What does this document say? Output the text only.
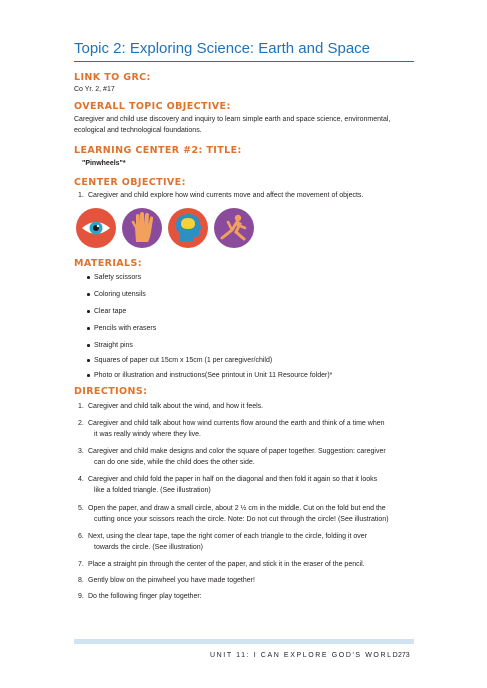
Topic 2: Exploring Science: Earth and Space
LINK TO GRC:
Co Yr. 2, #17
OVERALL TOPIC OBJECTIVE:
Caregiver and child use discovery and inquiry to learn simple earth and space science, environmental, ecological and technological foundations.
LEARNING CENTER #2: TITLE:
"Pinwheels"*
CENTER OBJECTIVE:
1. Caregiver and child explore how wind currents move and affect the movement of objects.
MATERIALS:
Safety scissors
Coloring utensils
Clear tape
Pencils with erasers
Straight pins
Squares of paper cut 15cm x 15cm (1 per caregiver/child)
Photo or illustration and instructions(See printout in Unit 11 Resource folder)*
DIRECTIONS:
1. Caregiver and child talk about the wind, and how it feels.
2. Caregiver and child talk about how wind currents flow around the earth and think of a time when
it was really windy where they live.
3. Caregiver and child make designs and color the square of paper together. Suggestion: caregiver
can do one side, while the child does the other side.
4. Caregiver and child fold the paper in half on the diagonal and then fold it again so that it looks
like a folded triangle. (See illustration)
5. Open the paper, and draw a small circle, about 2 ½ cm in the middle. Cut on the fold but end the
cutting once your scissors reach the circle. Note: Do not cut through the circle! (See illustration)
6. Next, using the clear tape, tape the right corner of each triangle to the circle, folding it over
towards the circle. (See illustration)
7. Place a straight pin through the center of the paper, and stick it in the eraser of the pencil.
8. Gently blow on the pinwheel you have made together!
9. Do the following finger play together:
UNIT 11: I CAN EXPLORE GOD'S WORLD
273
